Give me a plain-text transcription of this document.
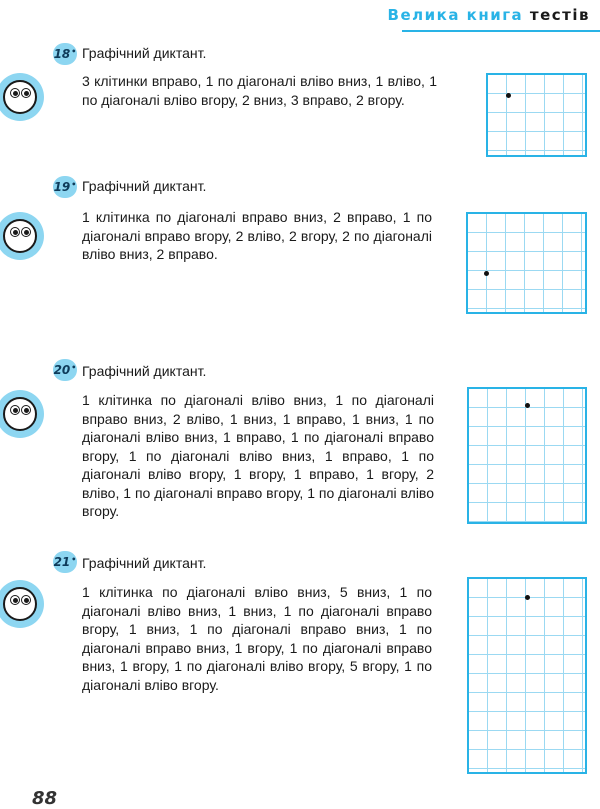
Велика книга тестів
18• Графічний диктант.
3 клітинки вправо, 1 по діагоналі вліво вниз, 1 вліво, 1 по діагоналі вліво вгору, 2 вниз, 3 вправо, 2 вгору.
19• Графічний диктант.
1 клітинка по діагоналі вправо вниз, 2 вправо, 1 по діагоналі вправо вгору, 2 вліво, 2 вгору, 2 по діагоналі вліво вниз, 2 вправо.
20• Графічний диктант.
1 клітинка по діагоналі вліво вниз, 1 по діагоналі вправо вниз, 2 вліво, 1 вниз, 1 вправо, 1 вниз, 1 по діагоналі вліво вниз, 1 вправо, 1 по діагоналі вправо вгору, 1 по діагоналі вліво вниз, 1 вправо, 1 по діагоналі вліво вгору, 1 вгору, 1 вправо, 1 вгору, 2 вліво, 1 по діагоналі вправо вгору, 1 по діагоналі вліво вгору.
21• Графічний диктант.
1 клітинка по діагоналі вліво вниз, 5 вниз, 1 по діагоналі вліво вниз, 1 вниз, 1 по діагоналі вправо вгору, 1 вниз, 1 по діагоналі вправо вниз, 1 по діагоналі вправо вниз, 1 вгору, 1 по діагоналі вправо вниз, 1 вгору, 1 по діагоналі вліво вгору, 5 вгору, 1 по діагоналі вліво вгору.
88
